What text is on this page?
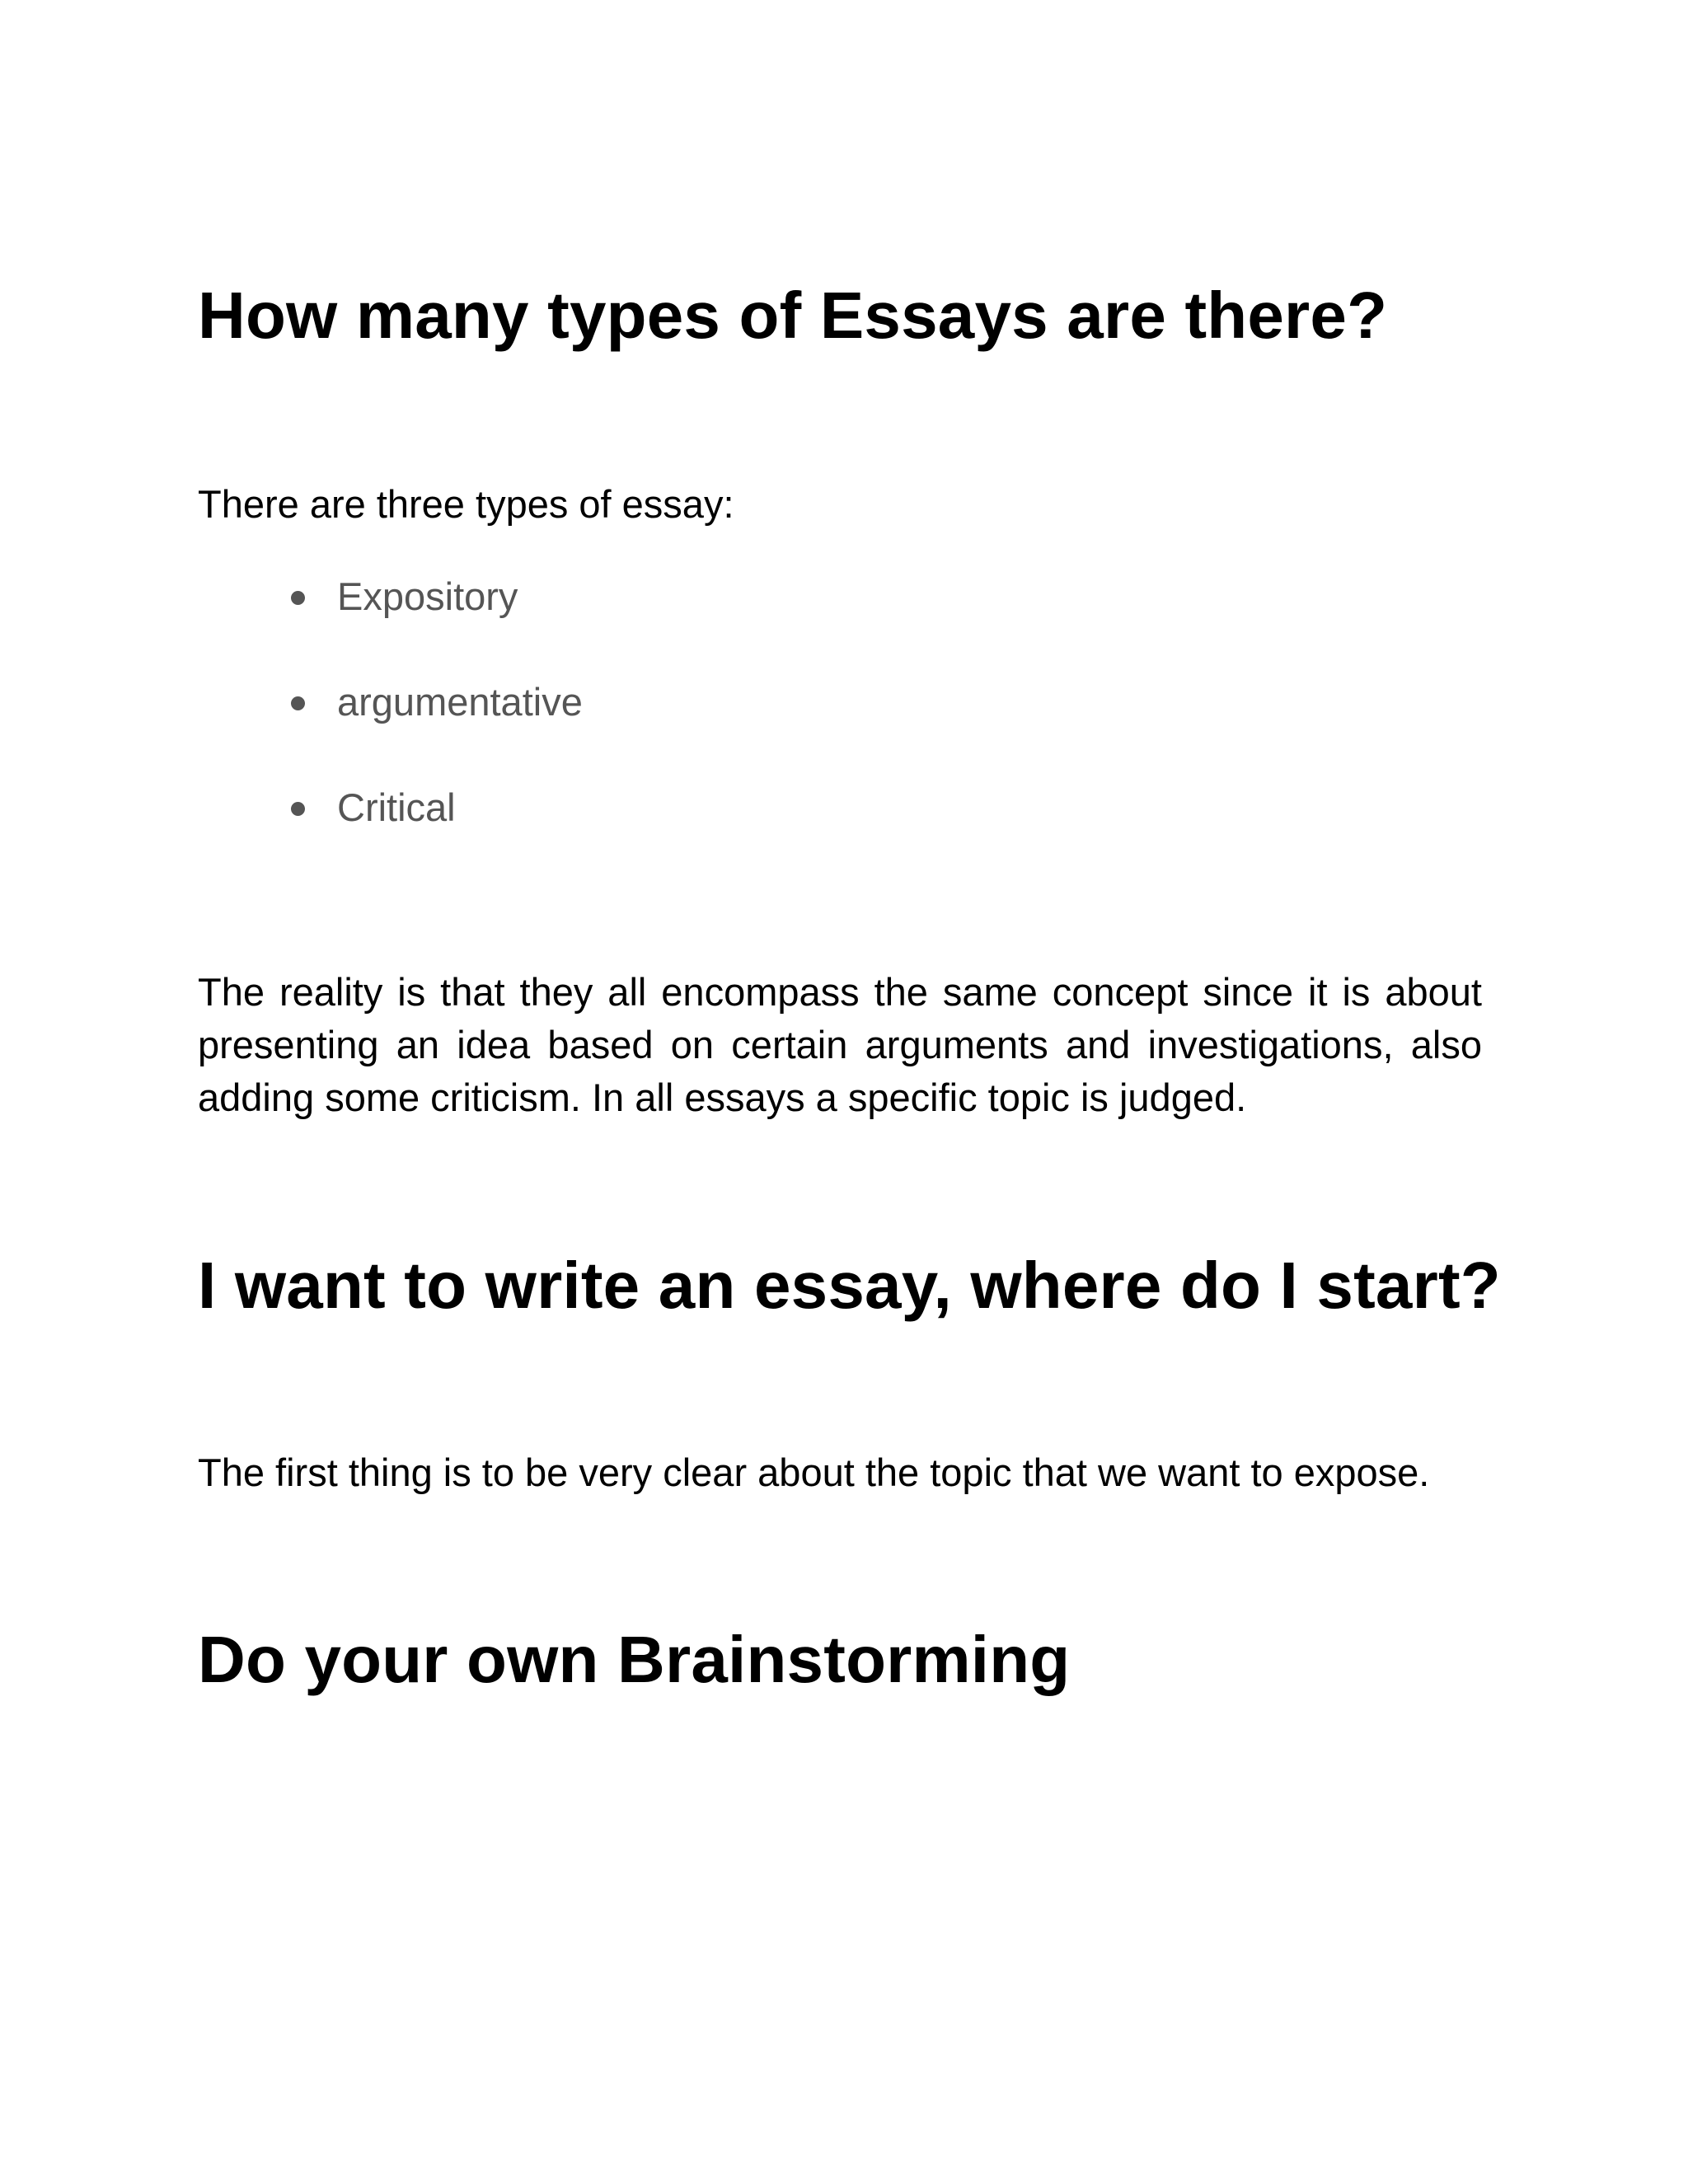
How many types of Essays are there?

There are three types of essay:

Expository
argumentative
Critical

The reality is that they all encompass the same concept since it is about presenting an idea based on certain arguments and investigations, also adding some criticism. In all essays a specific topic is judged.

I want to write an essay, where do I start?

The first thing is to be very clear about the topic that we want to expose.

Do your own Brainstorming
